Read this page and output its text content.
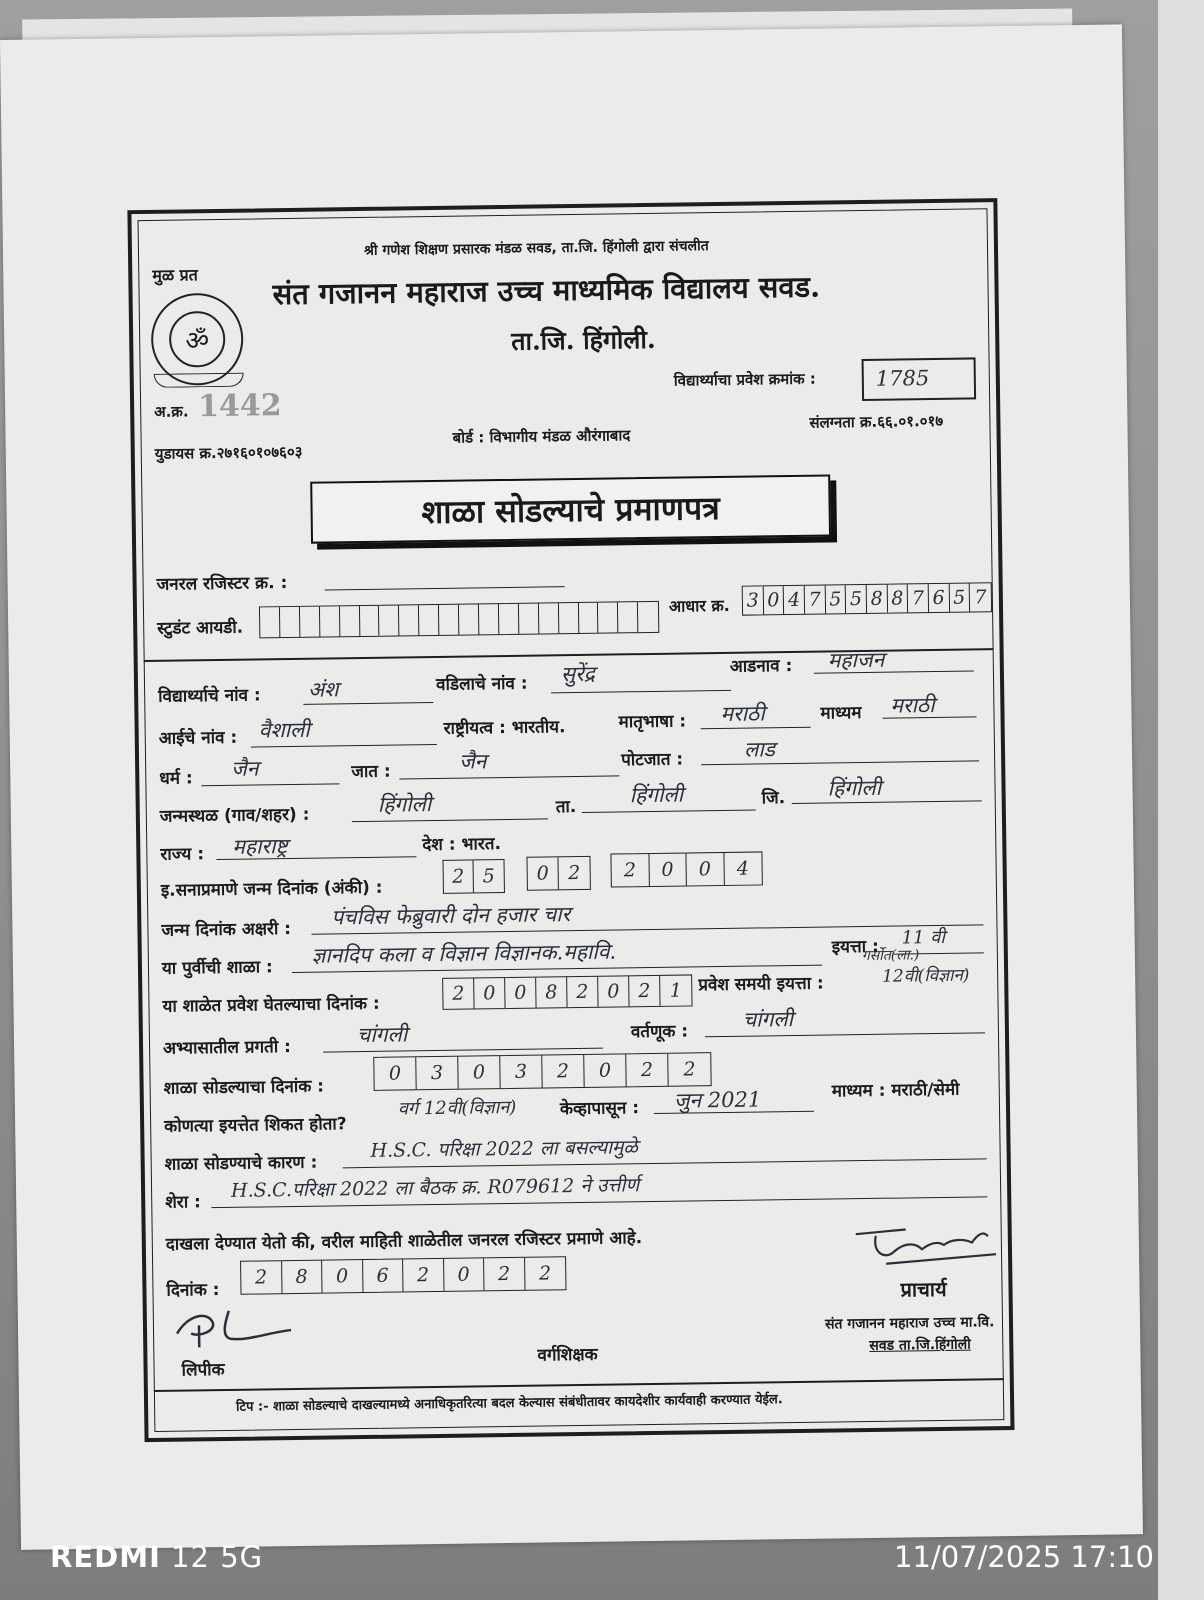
मुळ प्रत
श्री गणेश शिक्षण प्रसारक मंडळ सवड, ता.जि. हिंगोली द्वारा संचलीत
ॐ
संत गजानन महाराज उच्च माध्यमिक विद्यालय सवड.
ता.जि. हिंगोली.
अ.क्र. 1442
विद्यार्थ्याचा प्रवेश क्रमांक :	1785
युडायस क्र.२७१६०१०७६०३
बोर्ड : विभागीय मंडळ औरंगाबाद
संलग्नता क्र.६६.०१.०१७
शाळा सोडल्याचे प्रमाणपत्र
जनरल रजिस्टर क्र. :
स्टुडंट आयडी.
आधार क्र. 3 0 4 7 5 5 8 8 7 6 5 7
विद्यार्थ्याचे नांव : अंश	वडिलाचे नांव : सुरेंद्र	आडनाव : महाजन
आईचे नांव : वैशाली	राष्ट्रीयत्व : भारतीय.	मातृभाषा : मराठी	माध्यम मराठी
धर्म : जैन	जात :	जैन	पोटजात :	लाड
जन्मस्थळ (गाव/शहर) :	हिंगोली	ता.	हिंगोली	जि. हिंगोली
राज्य : महाराष्ट्र	देश : भारत.
इ.सनाप्रमाणे जन्म दिनांक (अंकी) :
2 5	0	2	2	0	0	4
जन्म दिनांक अक्षरी :
पंचविस फेब्रुवारी दोन हजार चार
या पुर्वीची शाळा :
ज्ञानदिप कला व विज्ञान विज्ञानक.महावि.	इयत्ता : 11 वी
या शाळेत प्रवेश घेतल्याचा दिनांक :
2 0 0 8 2 0 2	1 प्रवेश समयी इयत्ता :
गर्सोत(ला.)
12वी(विज्ञान)
अभ्यासातील प्रगती :
चांगली	वर्तणूक :
चांगली
शाळा सोडल्याचा दिनांक :
0	3	0	3	2	0	2	2
कोणत्या इयत्तेत शिकत होता?
वर्ग 12वी(विज्ञान)	केव्हापासून : जुन 2021	माध्यम : मराठी/सेमी
शाळा सोडण्याचे कारण :
H.S.C. परिक्षा 2022 ला बसल्यामुळे
शेरा :
H.S.C.परिक्षा 2022 ला बैठक क्र. R079612 ने उत्तीर्ण
दाखला देण्यात येतो की, वरील माहिती शाळेतील जनरल रजिस्टर प्रमाणे आहे.
दिनांक :
2	8	0	6	2	0	2	2
प्राचार्य
संत गजानन महाराज उच्च मा.वि.
सवड ता.जि.हिंगोली
लिपीक
वर्गशिक्षक
टिप :- शाळा सोडल्याचे दाखल्यामध्ये अनाधिकृतरित्या बदल केल्यास संबंधीतावर कायदेशीर कार्यवाही करण्यात येईल.
REDMI 12 5G	11/07/2025 17:10
